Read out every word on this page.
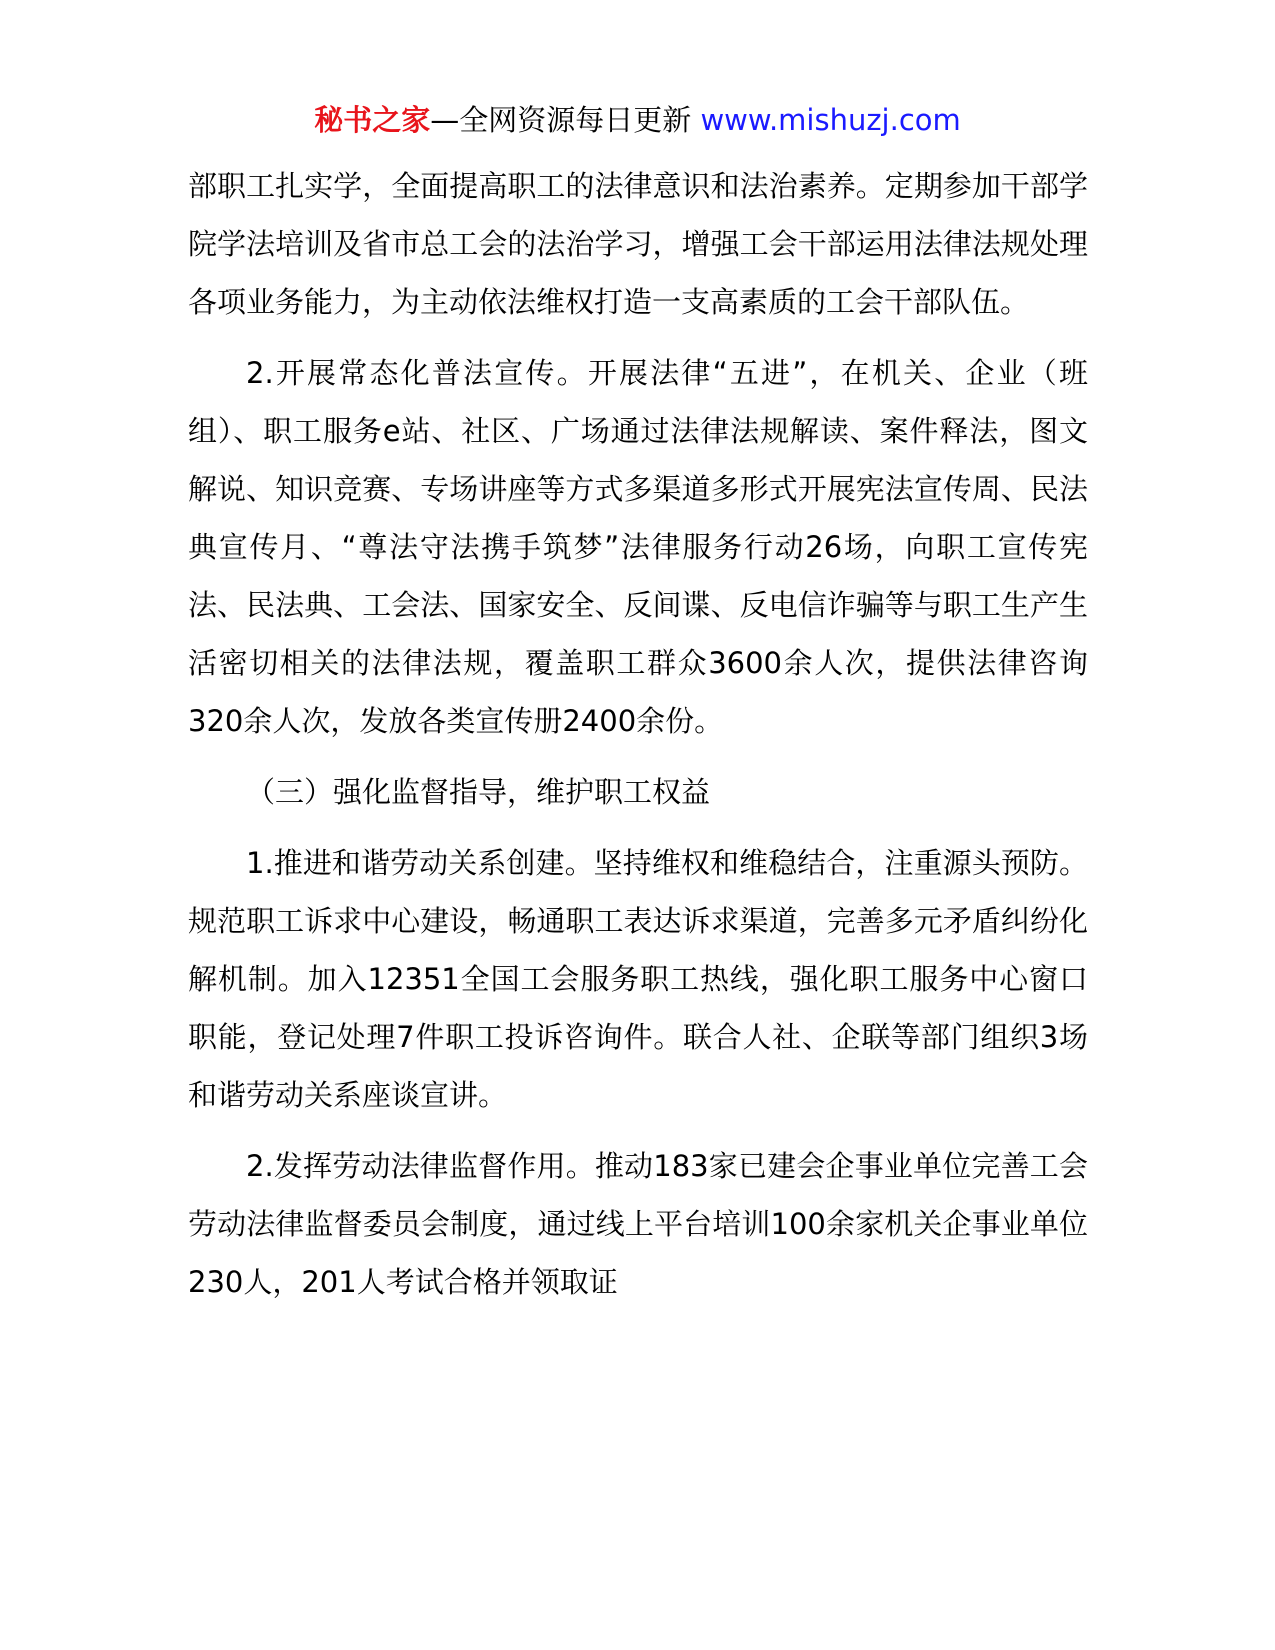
秘书之家—全网资源每日更新 www.mishuzj.com

部职工扎实学，全面提高职工的法律意识和法治素养。定期参加干部学院学法培训及省市总工会的法治学习，增强工会干部运用法律法规处理各项业务能力，为主动依法维权打造一支高素质的工会干部队伍。

2.开展常态化普法宣传。开展法律“五进”，在机关、企业（班组）、职工服务e站、社区、广场通过法律法规解读、案件释法，图文解说、知识竞赛、专场讲座等方式多渠道多形式开展宪法宣传周、民法典宣传月、“尊法守法携手筑梦”法律服务行动26场，向职工宣传宪法、民法典、工会法、国家安全、反间谍、反电信诈骗等与职工生产生活密切相关的法律法规，覆盖职工群众3600余人次，提供法律咨询320余人次，发放各类宣传册2400余份。

（三）强化监督指导，维护职工权益

1.推进和谐劳动关系创建。坚持维权和维稳结合，注重源头预防。规范职工诉求中心建设，畅通职工表达诉求渠道，完善多元矛盾纠纷化解机制。加入12351全国工会服务职工热线，强化职工服务中心窗口职能，登记处理7件职工投诉咨询件。联合人社、企联等部门组织3场和谐劳动关系座谈宣讲。

2.发挥劳动法律监督作用。推动183家已建会企事业单位完善工会劳动法律监督委员会制度，通过线上平台培训100余家机关企事业单位230人，201人考试合格并领取证
